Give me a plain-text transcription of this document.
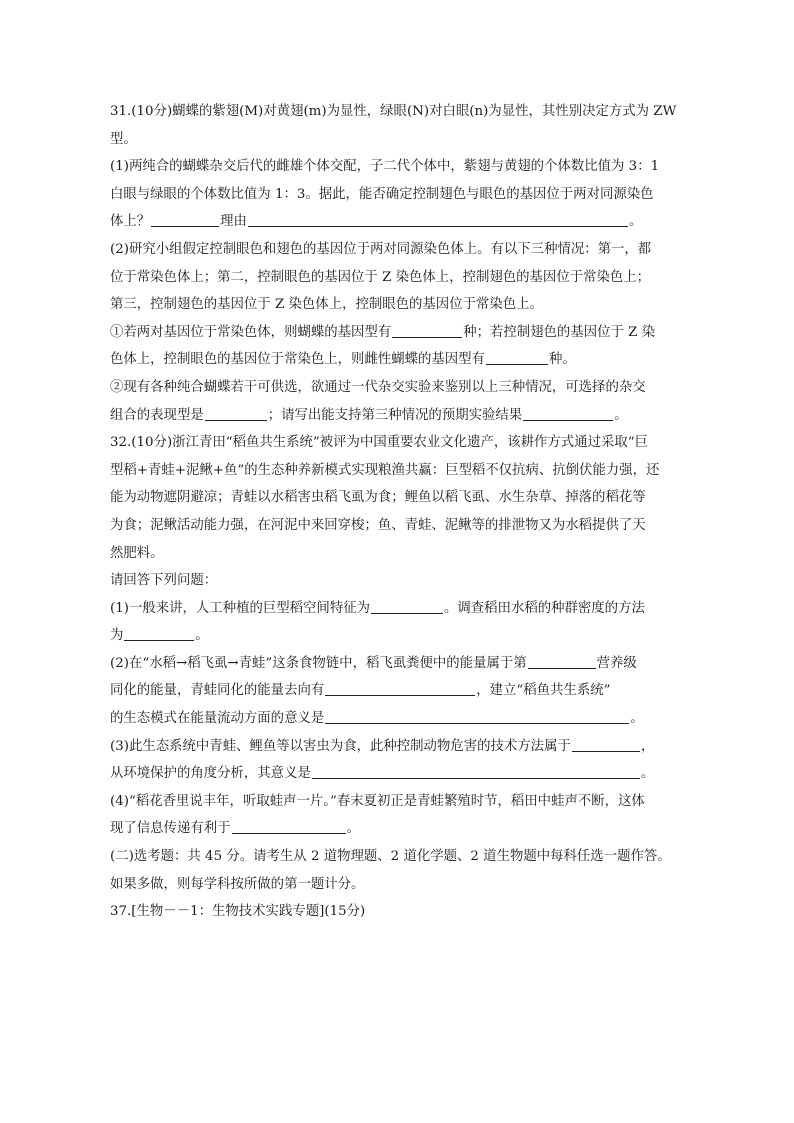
31.(10分)蝴蝶的紫翅(M)对黄翅(m)为显性，绿眼(N)对白眼(n)为显性，其性别决定方式为 ZW
型。
(1)两纯合的蝴蝶杂交后代的雌雄个体交配，子二代个体中，紫翅与黄翅的个体数比值为 3：1
白眼与绿眼的个体数比值为 1：3。据此，能否确定控制翅色与眼色的基因位于两对同源染色
体上？	理由	。
(2)研究小组假定控制眼色和翅色的基因位于两对同源染色体上。有以下三种情况：第一，都
位于常染色体上；第二，控制眼色的基因位于 Z 染色体上，控制翅色的基因位于常染色上；
第三，控制翅色的基因位于 Z 染色体上，控制眼色的基因位于常染色上。
①若两对基因位于常染色体，则蝴蝶的基因型有	种；若控制翅色的基因位于 Z 染
色体上，控制眼色的基因位于常染色上，则雌性蝴蝶的基因型有	种。
②现有各种纯合蝴蝶若干可供选，欲通过一代杂交实验来鉴别以上三种情况，可选择的杂交
组合的表现型是	；请写出能支持第三种情况的预期实验结果	。
32.(10分)浙江青田“稻鱼共生系统”被评为中国重要农业文化遗产，该耕作方式通过采取“巨
型稻+青蛙+泥鳅+鱼”的生态种养新模式实现粮渔共赢：巨型稻不仅抗病、抗倒伏能力强，还
能为动物遮阴避凉；青蛙以水稻害虫稻飞虱为食；鲤鱼以稻飞虱、水生杂草、掉落的稻花等
为食；泥鳅活动能力强，在河泥中来回穿梭；鱼、青蛙、泥鳅等的排泄物又为水稻提供了天
然肥料。
请回答下列问题：
(1)一般来讲，人工种植的巨型稻空间特征为	。调查稻田水稻的种群密度的方法
为	。
(2)在“水稻→稻飞虱→青蛙”这条食物链中，稻飞虱粪便中的能量属于第	营养级
同化的能量，青蛙同化的能量去向有	，建立“稻鱼共生系统”
的生态模式在能量流动方面的意义是	。
(3)此生态系统中青蛙、鲤鱼等以害虫为食，此种控制动物危害的技术方法属于	，
从环境保护的角度分析，其意义是	。
(4)“稻花香里说丰年，听取蛙声一片。”春末夏初正是青蛙繁殖时节，稻田中蛙声不断，这体
现了信息传递有利于	。
(二)选考题：共 45 分。请考生从 2 道物理题、2 道化学题、2 道生物题中每科任选一题作答。
如果多做，则每学科按所做的第一题计分。
37.[生物－－1：生物技术实践专题](15分)
